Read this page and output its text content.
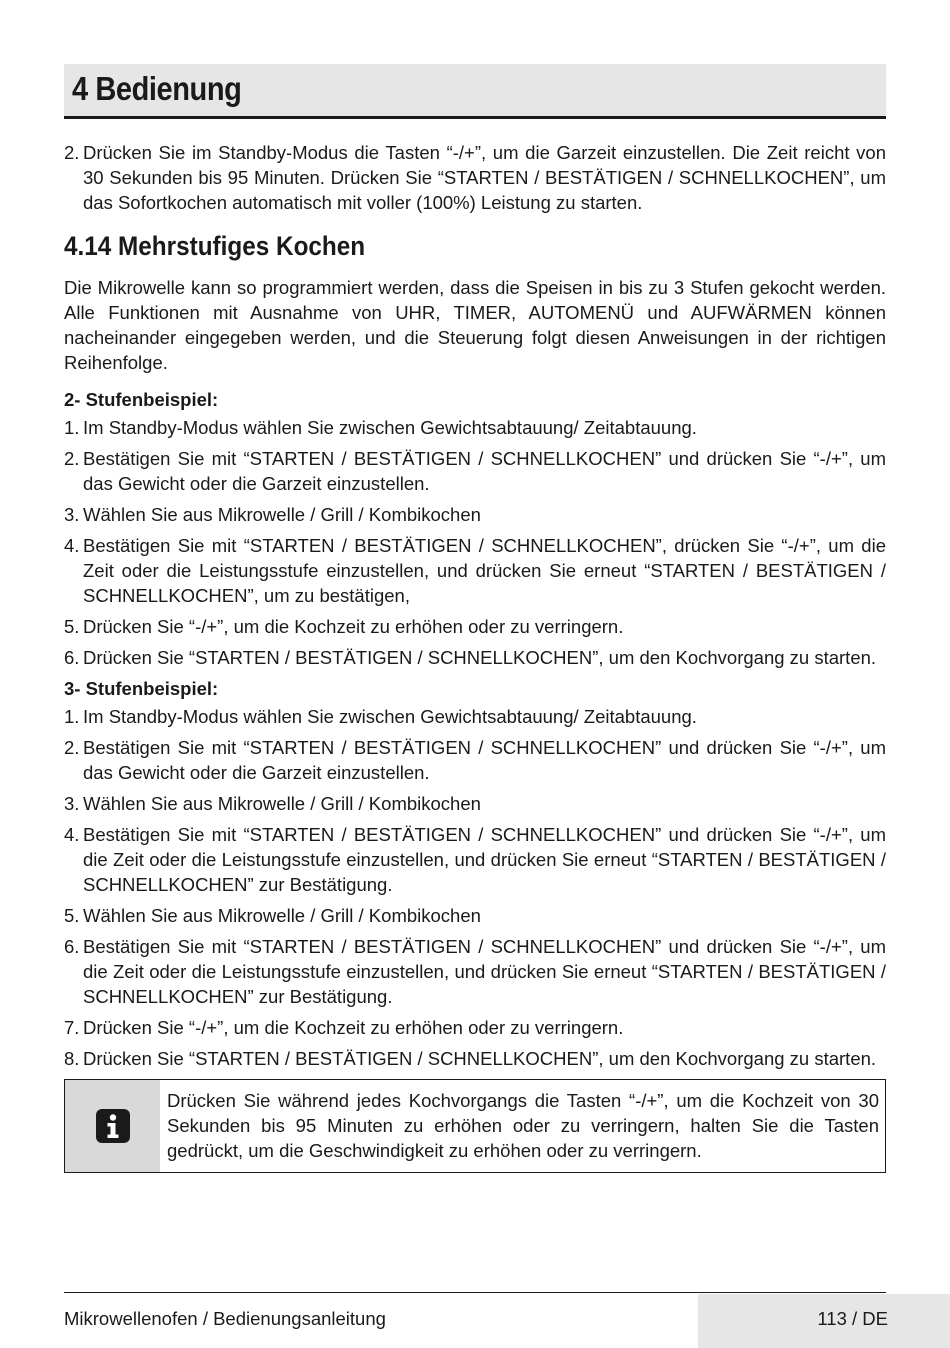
4 Bedienung
2. Drücken Sie im Standby-Modus die Tasten “-/+”, um die Garzeit einzustellen. Die Zeit reicht von 30 Sekunden bis 95 Minuten. Drücken Sie “STARTEN / BESTÄTIGEN / SCHNELLKOCHEN”, um das Sofortkochen automatisch mit voller (100%) Leistung zu starten.
4.14 Mehrstufiges Kochen

Die Mikrowelle kann so programmiert werden, dass die Speisen in bis zu 3 Stufen gekocht werden. Alle Funktionen mit Ausnahme von UHR, TIMER, AUTOMENÜ und AUFWÄRMEN können nacheinander eingegeben werden, und die Steuerung folgt diesen Anweisungen in der richtigen Reihenfolge.

2- Stufenbeispiel:
1. Im Standby-Modus wählen Sie zwischen Gewichtsabtauung/ Zeitabtauung.
2. Bestätigen Sie mit “STARTEN / BESTÄTIGEN / SCHNELLKOCHEN” und drücken Sie “-/+”, um das Gewicht oder die Garzeit einzustellen.
3. Wählen Sie aus Mikrowelle / Grill / Kombikochen
4. Bestätigen Sie mit “STARTEN / BESTÄTIGEN / SCHNELLKOCHEN”, drücken Sie “-/+”, um die Zeit oder die Leistungsstufe einzustellen, und drücken Sie erneut “STARTEN / BESTÄTIGEN / SCHNELLKOCHEN”, um zu bestätigen,
5. Drücken Sie “-/+”, um die Kochzeit zu erhöhen oder zu verringern.
6. Drücken Sie “STARTEN / BESTÄTIGEN / SCHNELLKOCHEN”, um den Kochvorgang zu starten.
3- Stufenbeispiel:
1. Im Standby-Modus wählen Sie zwischen Gewichtsabtauung/ Zeitabtauung.
2. Bestätigen Sie mit “STARTEN / BESTÄTIGEN / SCHNELLKOCHEN” und drücken Sie “-/+”, um das Gewicht oder die Garzeit einzustellen.
3. Wählen Sie aus Mikrowelle / Grill / Kombikochen
4. Bestätigen Sie mit “STARTEN / BESTÄTIGEN / SCHNELLKOCHEN” und drücken Sie “-/+”, um die Zeit oder die Leistungsstufe einzustellen, und drücken Sie erneut “STARTEN / BESTÄTIGEN / SCHNELLKOCHEN” zur Bestätigung.
5. Wählen Sie aus Mikrowelle / Grill / Kombikochen
6. Bestätigen Sie mit “STARTEN / BESTÄTIGEN / SCHNELLKOCHEN” und drücken Sie “-/+”, um die Zeit oder die Leistungsstufe einzustellen, und drücken Sie erneut “STARTEN / BESTÄTIGEN / SCHNELLKOCHEN” zur Bestätigung.
7. Drücken Sie “-/+”, um die Kochzeit zu erhöhen oder zu verringern.
8. Drücken Sie “STARTEN / BESTÄTIGEN / SCHNELLKOCHEN”, um den Kochvorgang zu starten.
Drücken Sie während jedes Kochvorgangs die Tasten “-/+”, um die Kochzeit von 30 Sekunden bis 95 Minuten zu erhöhen oder zu verringern, halten Sie die Tasten gedrückt, um die Geschwindigkeit zu erhöhen oder zu verringern.
Mikrowellenofen / Bedienungsanleitung	113 / DE
